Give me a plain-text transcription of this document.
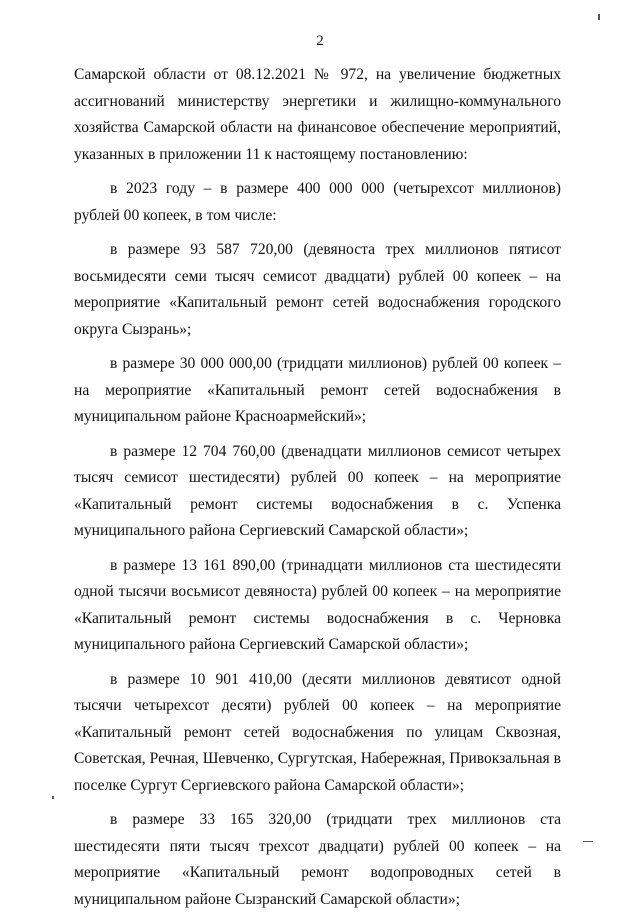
2

Самарской области от 08.12.2021 № 972, на увеличение бюджетных ассигнований министерству энергетики и жилищно-коммунального хозяйства Самарской области на финансовое обеспечение мероприятий, указанных в приложении 11 к настоящему постановлению:

в 2023 году – в размере 400 000 000 (четырехсот миллионов) рублей 00 копеек, в том числе:

в размере 93 587 720,00 (девяноста трех миллионов пятисот восьмидесяти семи тысяч семисот двадцати) рублей 00 копеек – на мероприятие «Капитальный ремонт сетей водоснабжения городского округа Сызрань»;

в размере 30 000 000,00 (тридцати миллионов) рублей 00 копеек – на мероприятие «Капитальный ремонт сетей водоснабжения в муниципальном районе Красноармейский»;

в размере 12 704 760,00 (двенадцати миллионов семисот четырех тысяч семисот шестидесяти) рублей 00 копеек – на мероприятие «Капитальный ремонт системы водоснабжения в с. Успенка муниципального района Сергиевский Самарской области»;

в размере 13 161 890,00 (тринадцати миллионов ста шестидесяти одной тысячи восьмисот девяноста) рублей 00 копеек – на мероприятие «Капитальный ремонт системы водоснабжения в с. Черновка муниципального района Сергиевский Самарской области»;

в размере 10 901 410,00 (десяти миллионов девятисот одной тысячи четырехсот десяти) рублей 00 копеек – на мероприятие «Капитальный ремонт сетей водоснабжения по улицам Сквозная, Советская, Речная, Шевченко, Сургутская, Набережная, Привокзальная в поселке Сургут Сергиевского района Самарской области»;

в размере 33 165 320,00 (тридцати трех миллионов ста шестидесяти пяти тысяч трехсот двадцати) рублей 00 копеек – на мероприятие «Капитальный ремонт водопроводных сетей в муниципальном районе Сызранский Самарской области»;
